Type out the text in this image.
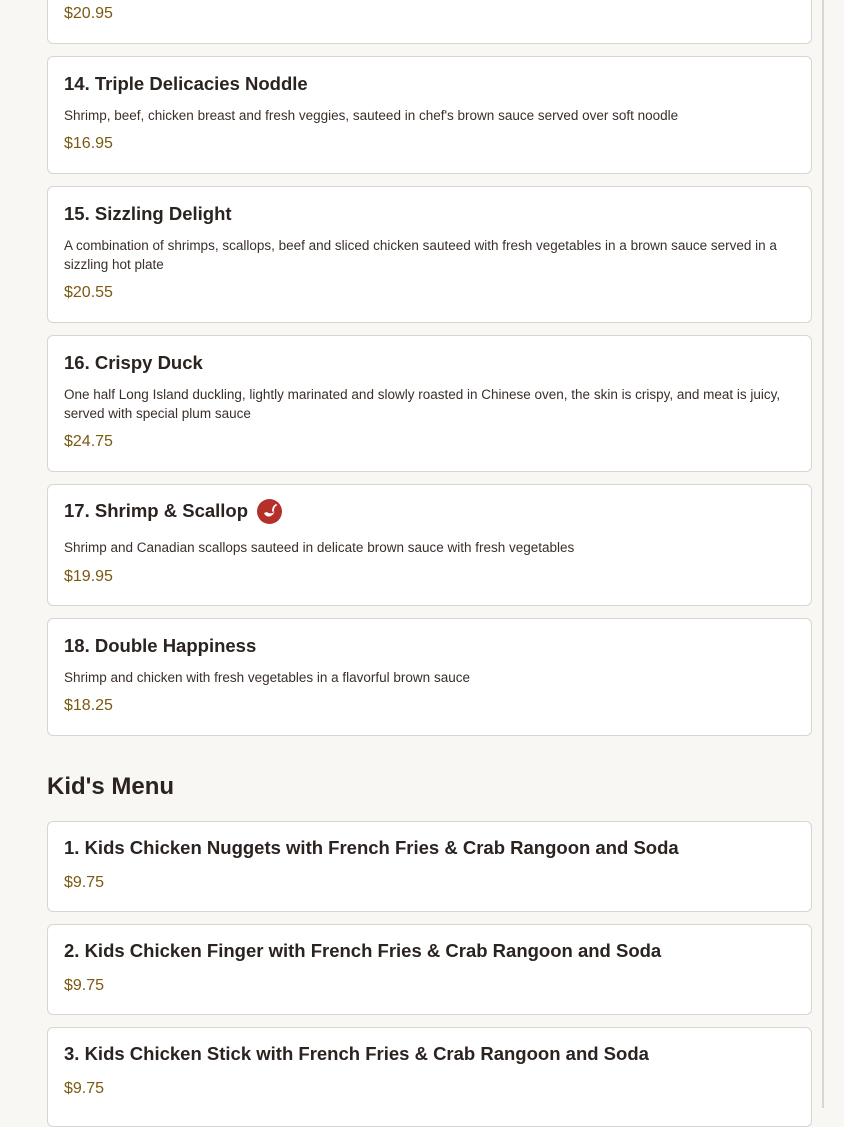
$20.95
14. Triple Delicacies Noddle
Shrimp, beef, chicken breast and fresh veggies, sauteed in chef's brown sauce served over soft noodle
$16.95
15. Sizzling Delight
A combination of shrimps, scallops, beef and sliced chicken sauteed with fresh vegetables in a brown sauce served in a sizzling hot plate
$20.55
16. Crispy Duck
One half Long Island duckling, lightly marinated and slowly roasted in Chinese oven, the skin is crispy, and meat is juicy, served with special plum sauce
$24.75
17. Shrimp & Scallop
Shrimp and Canadian scallops sauteed in delicate brown sauce with fresh vegetables
$19.95
18. Double Happiness
Shrimp and chicken with fresh vegetables in a flavorful brown sauce
$18.25
Kid's Menu
1. Kids Chicken Nuggets with French Fries & Crab Rangoon and Soda
$9.75
2. Kids Chicken Finger with French Fries & Crab Rangoon and Soda
$9.75
3. Kids Chicken Stick with French Fries & Crab Rangoon and Soda
$9.75
